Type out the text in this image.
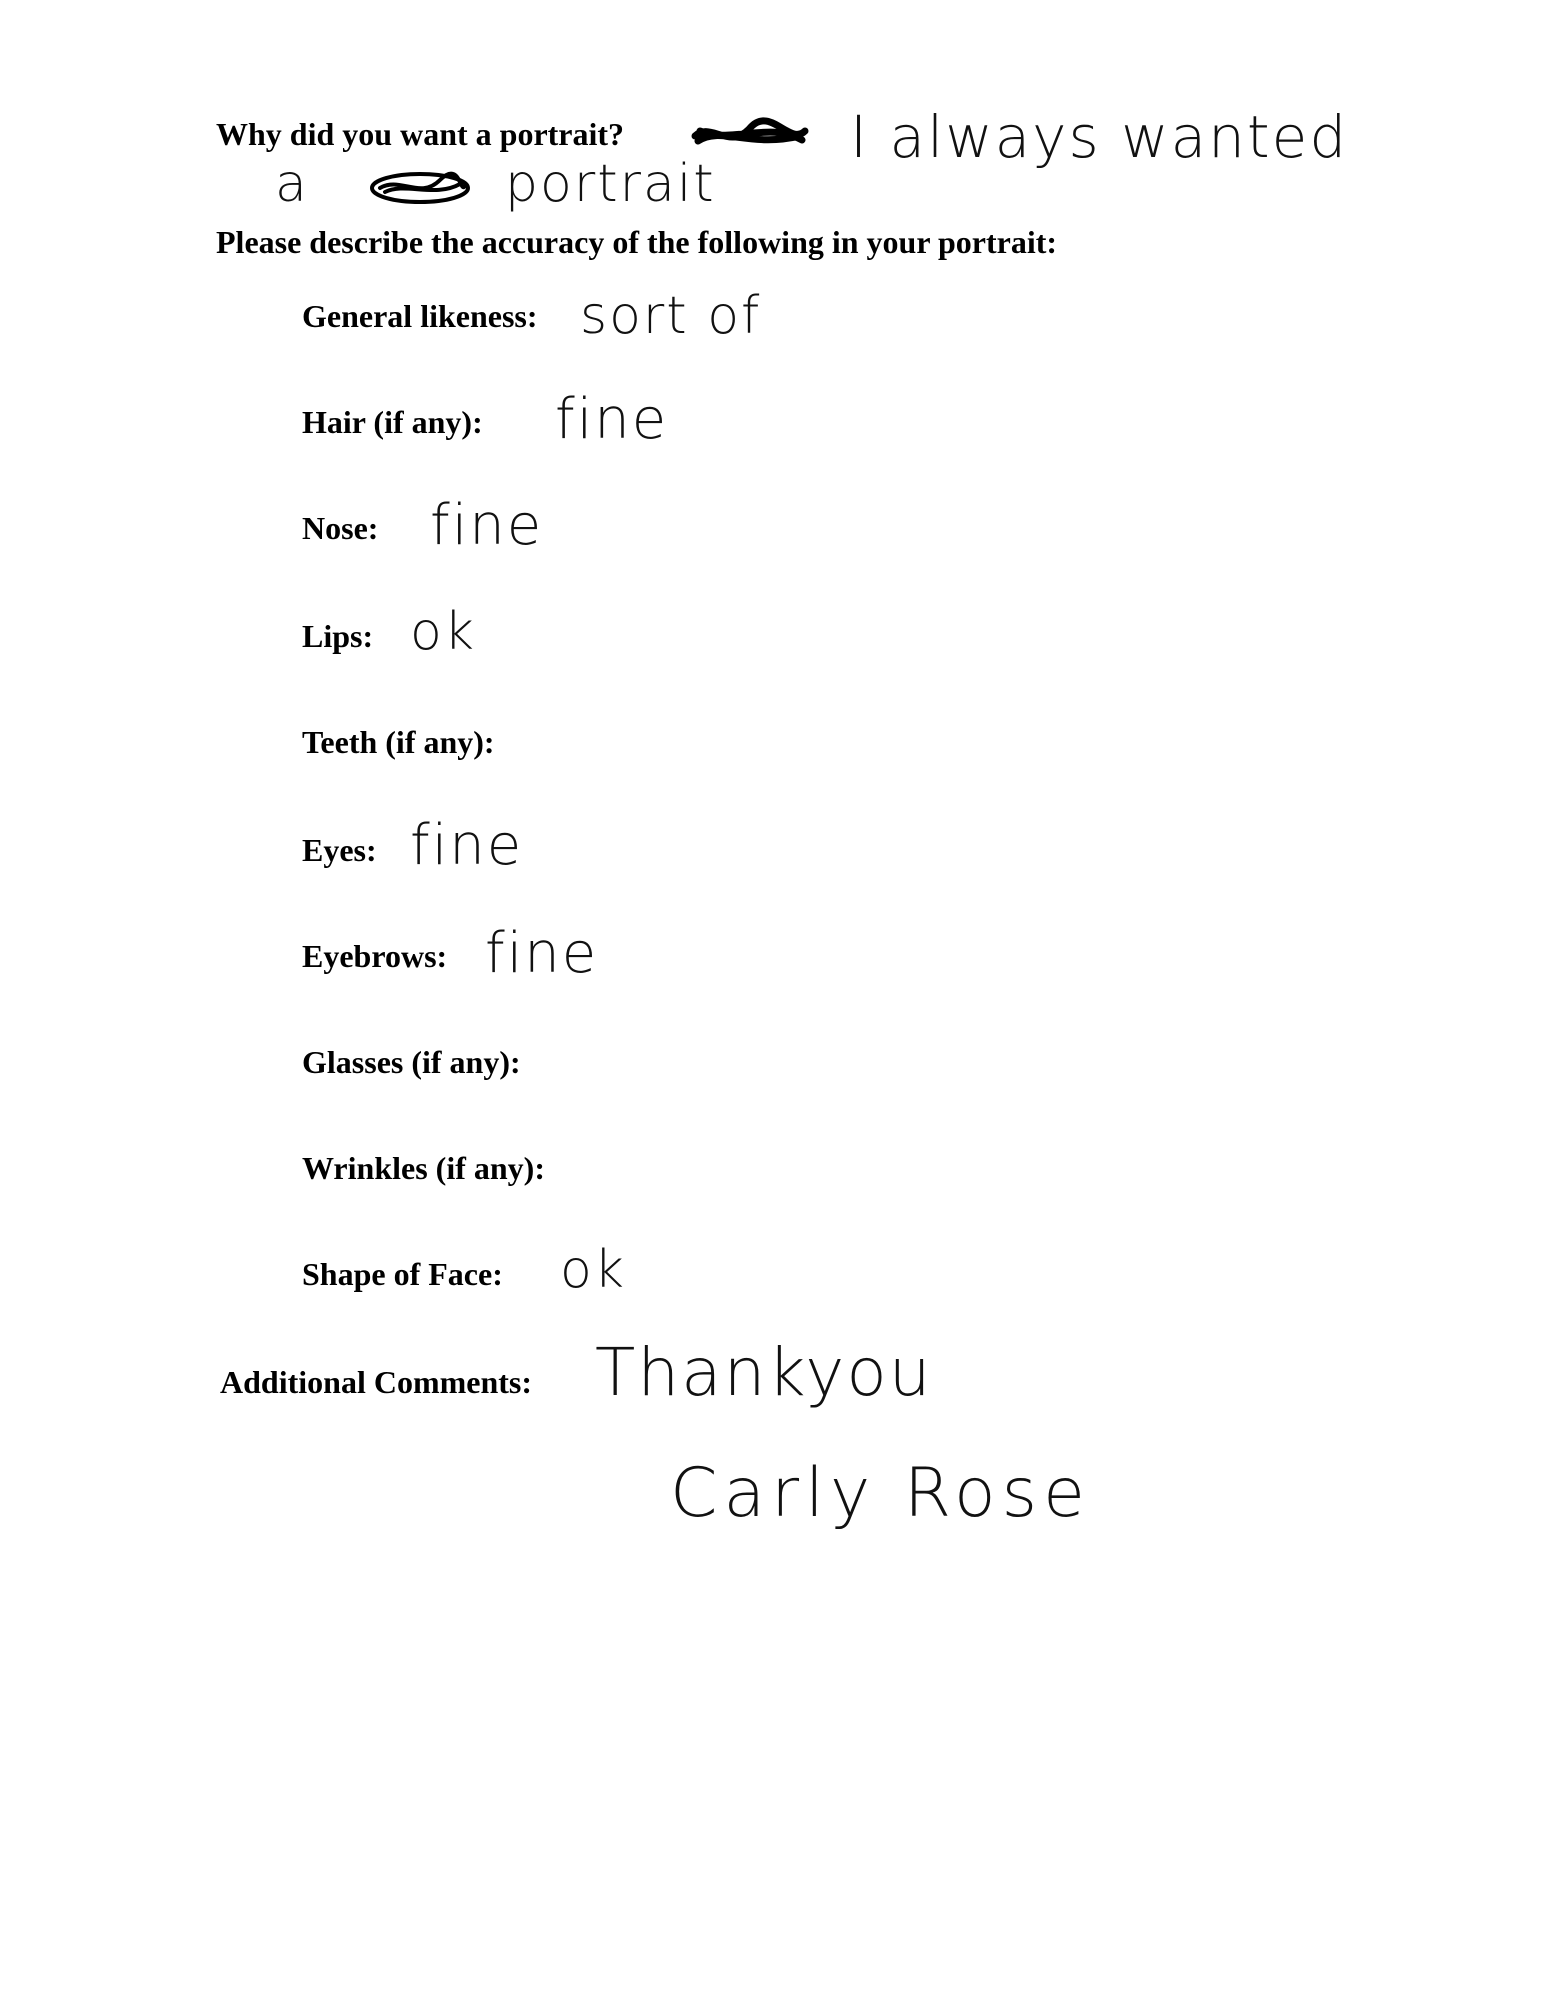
Why did you want a portrait?	I always wanted
a	portrait
Please describe the accuracy of the following in your portrait:
General likeness: sort of
Hair (if any): fine
Nose: fine
Lips: ok
Teeth (if any):
Eyes: fine
Eyebrows: fine
Glasses (if any):
Wrinkles (if any):
Shape of Face: ok
Additional Comments: Thankyou
Carly Rose
